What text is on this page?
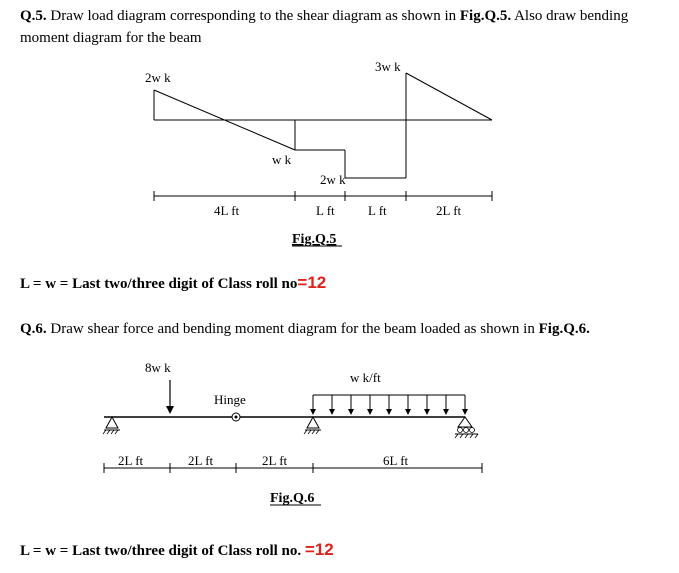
Q.5. Draw load diagram corresponding to the shear diagram as shown in Fig.Q.5. Also draw bending moment diagram for the beam

2w k
3w k
w k
2w k
4L ft	L ft	L ft	2L ft
Fig.Q.5
L = w = Last two/three digit of Class roll no=12

Q.6. Draw shear force and bending moment diagram for the beam loaded as shown in Fig.Q.6.

8w k
Hinge
w k/ft
2L ft	2L ft	2L ft	6L ft
Fig.Q.6
L = w = Last two/three digit of Class roll no. =12
